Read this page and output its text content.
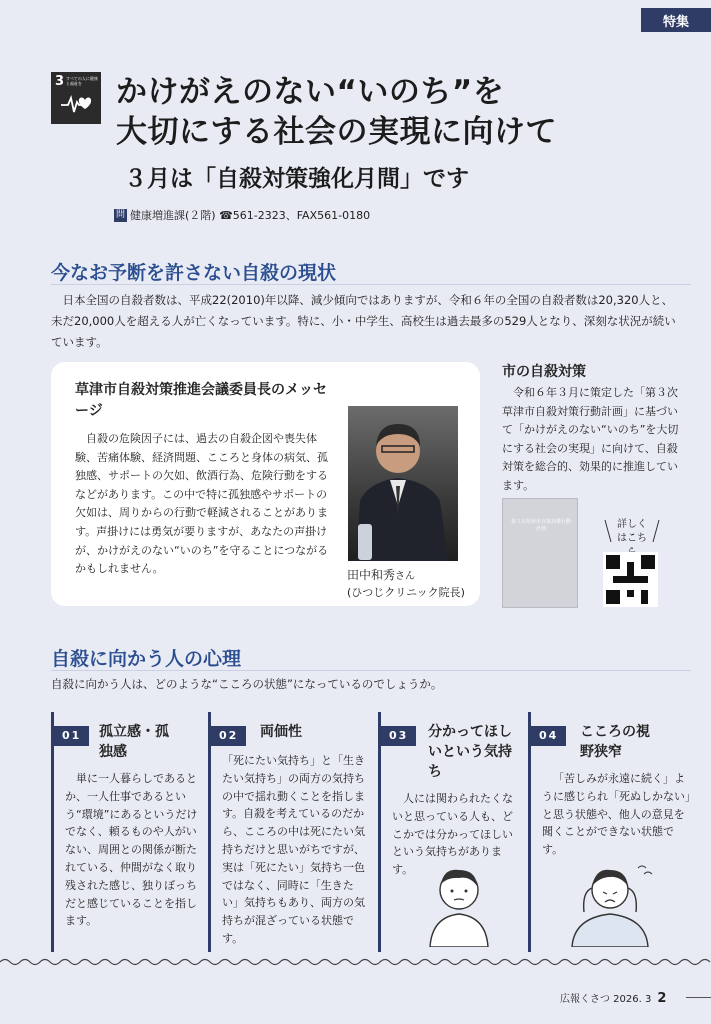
特集
3 すべての人に健康と福祉を	かけがえのない“いのち”を
大切にする社会の実現に向けて
３月は「自殺対策強化月間」です
問 健康増進課(２階) ☎561-2323、FAX561-0180
今なお予断を許さない自殺の現状

日本全国の自殺者数は、平成22(2010)年以降、減少傾向ではありますが、令和６年の全国の自殺者数は20,320人と、未だ20,000人を超える人が亡くなっています。特に、小・中学生、高校生は過去最多の529人となり、深刻な状況が続いています。

草津市自殺対策推進会議委員長のメッセージ

自殺の危険因子には、過去の自殺企図や喪失体験、苦痛体験、経済問題、こころと身体の病気、孤独感、サポートの欠如、飲酒行為、危険行動をするなどがあります。この中で特に孤独感やサポートの欠如は、周りからの行動で軽減されることがあります。声掛けには勇気が要りますが、あなたの声掛けが、かけがえのない“いのち”を守ることにつながるかもしれません。	田中和秀さん
(ひつじクリニック院長)
市の自殺対策

令和６年３月に策定した「第３次草津市自殺対策行動計画」に基づいて「かけがえのない“いのち”を大切にする社会の実現」に向けて、自殺対策を総合的、効果的に推進しています。

第３次草津市自殺対策行動計画	詳しくはこち
自殺に向かう人の心理

自殺に向かう人は、どのような“こころの状態”になっているのでしょうか。

01	孤立感・孤独感

単に一人暮らしであるとか、一人仕事であるという“環境”にあるというだけでなく、頼るものや人がいない、周囲との関係が断たれている、仲間がなく取り残された感じ、独りぼっちだと感じていることを指します。

02	両価性

「死にたい気持ち」と「生きたい気持ち」の両方の気持ちの中で揺れ動くことを指します。自殺を考えているのだから、こころの中は死にたい気持ちだけと思いがちですが、実は「死にたい」気持ち一色ではなく、同時に「生きたい」気持ちもあり、両方の気持ちが混ざっている状態です。

03	分かってほしいという気持ち

人には関わられたくないと思っている人も、どこかでは分かってほしいという気持ちがあります。

04	こころの視野狭窄

「苦しみが永遠に続く」ように感じられ「死ぬしかない」と思う状態や、他人の意見を聞くことができない状態です。

広報くさつ 2026. 3 2
